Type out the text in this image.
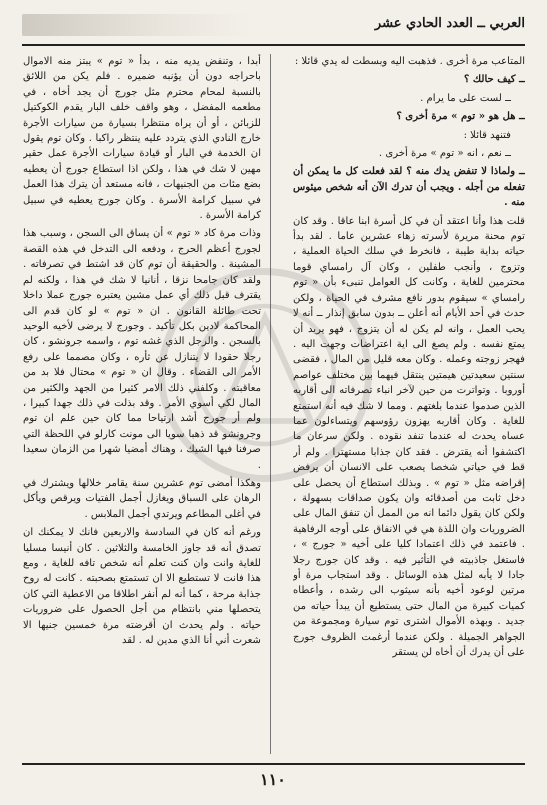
العربي ــ العدد الحادي عشر

المتاعب مرة أخرى . فذهبت اليه وبسطت له يدي قائلا :

ــ كيف حالك ؟

ــ لست على ما يرام .

ــ هل هو « توم » مرة أخرى ؟

فتنهد قائلا :

ــ نعم ، انه « توم » مرة أخرى .

ــ ولماذا لا تنفض يدك منه ؟ لقد فعلت كل ما يمكن أن تفعله من أجله . ويجب أن تدرك الآن أنه شخص ميئوس منه .

قلت هذا وأنا اعتقد أن في كل أسرة ابنا عاقا . وقد كان توم محنة مريرة لأسرته زهاء عشرين عاما . لقد بدأ حياته بداية طيبة ، فانخرط في سلك الحياة العملية ، وتزوج ، وأنجب طفلين ، وكان آل رامساي قوما محترمين للغاية ، وكانت كل العوامل تنبىء بأن « توم رامساي » سيقوم بدور نافع مشرف في الحياة ، ولكن حدث في أحد الأيام أنه أعلن ــ بدون سابق إنذار ــ أنه لا يحب العمل ، وانه لم يكن له أن يتزوج ، فهو يريد أن يمتع نفسه . ولم يصغ الى اية اعتراضات وجهت اليه . فهجر زوجته وعمله . وكان معه قليل من المال ، فقضى سنتين سعيدتين هيمتين ينتقل فيهما بين مختلف عواصم أوروبا . وتواترت من حين لآخر انباء تصرفاته الى أقاربه الذين صدموا عندما بلغتهم . ومما لا شك فيه أنه استمتع للغاية . وكان أقاربه يهزون رؤوسهم ويتساءلون عما عساه يحدث له عندما تنفد نقوده . ولكن سرعان ما اكتشفوا أنه يقترض . فقد كان جذابا مستهترا . ولم أر قط في حياتي شخصا يصعب على الانسان أن يرفض إقراضه مثل « توم » . وبذلك استطاع أن يحصل على دخل ثابت من أصدقائه وان يكون صداقات بسهولة ، ولكن كان يقول دائما انه من الممل أن تنفق المال على الضروريات وان اللذة هي في الانفاق على أوجه الرفاهية . فاعتمد في ذلك اعتمادا كليا على أخيه « جورج » ، فاستغل جاذبيته في التأثير فيه . وقد كان جورج رجلا جادا لا يأبه لمثل هذه الوسائل . وقد استجاب مرة أو مرتين لوعود أخيه بأنه سيثوب الى رشده ، وأعطاه كميات كبيرة من المال حتى يستطيع أن يبدأ حياته من جديد . وبهذه الأموال اشترى توم سيارة ومجموعة من الجواهر الجميلة . ولكن عندما أرغمت الظروف جورج على أن يدرك أن أخاه لن يستقر

أبدا ، وتنفض يديه منه ، بدأ « توم » يبتز منه الاموال باحراجه دون أن يؤنبه ضميره . فلم يكن من اللائق بالنسبة لمحام محترم مثل جورج أن يجد أخاه ، في مطعمه المفضل ، وهو واقف خلف البار يقدم الكوكتيل للزبائن ، أو أن يراه منتظرا بسيارة من سيارات الأجرة خارج النادي الذي يتردد عليه ينتظر راكبا . وكان توم يقول ان الخدمة في البار أو قيادة سيارات الأجرة عمل حقير مهين لا شك في هذا ، ولكن اذا استطاع جورج أن يعطيه بضع مئات من الجنيهات ، فانه مستعد أن يترك هذا العمل في سبيل كرامة الأسرة . وكان جورج يعطيه في سبيل كرامة الأسرة .

وذات مرة كاد « توم » أن يساق الى السجن ، وسبب هذا لجورج أعظم الحرج ، ودفعه الى التدخل في هذه القصة المشينة . والحقيقة أن توم كان قد اشتط في تصرفاته . ولقد كان جامحا نزقا ، أنانيا لا شك في هذا ، ولكنه لم يقترف قبل ذلك أي عمل مشين يعتبره جورج عملا داخلا تحت طائلة القانون . ان « توم » لو كان قدم الى المحاكمة لادين بكل تأكيد . وجورج لا يرضى لأخيه الوحيد بالسجن . والرجل الذي غشه توم ، واسمه جرونشو ، كان رجلا حقودا لا يتنازل عن ثأره ، وكان مصمما على رفع الأمر الى القضاء . وقال ان « توم » محتال فلا بد من معاقبته . وكلفني ذلك الامر كثيرا من الجهد والكثير من المال لكي أسوي الأمر . وقد بذلت في ذلك جهدا كبيرا ، ولم أر جورج أشد ارتياحا مما كان حين علم ان توم وجرونشو قد ذهبا سويا الى مونت كارلو في اللحظة التي صرفنا فيها الشيك ، وهناك أمضيا شهرا من الزمان سعيدا .

وهكذا أمضى توم عشرين سنة يقامر خلالها ويشترك في الرهان على السباق ويغازل أجمل الفتيات ويرقص ويأكل في أغلى المطاعم ويرتدي أجمل الملابس .

ورغم أنه كان في السادسة والاربعين فانك لا يمكنك ان تصدق أنه قد جاوز الخامسة والثلاثين . كان أنيسا مسليا للغاية وانت وان كنت تعلم أنه شخص تافه للغاية ، ومع هذا فانت لا تستطيع الا ان تستمتع بصحبته . كانت له روح جذابة مرحة ، كما أنه لم أنفر اطلاقا من الاعطية التي كان يتحصلها مني بانتظام من أجل الحصول على ضروريات حياته . ولم يحدث ان أقرضته مرة خمسين جنيها الا شعرت أني أنا الذي مدين له . لقد

١١٠
